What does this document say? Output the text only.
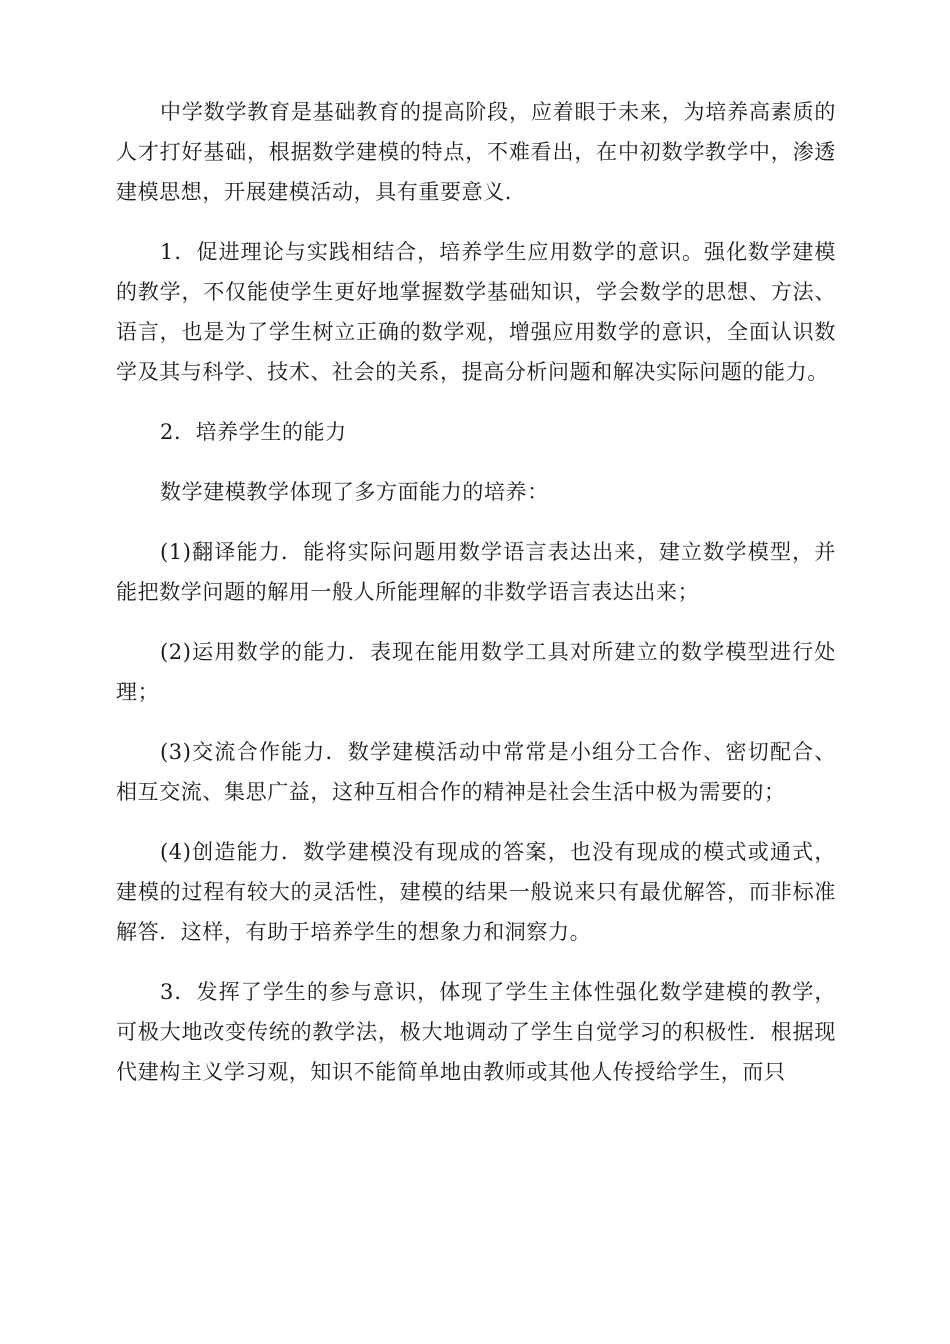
中学数学教育是基础教育的提高阶段，应着眼于未来，为培养高素质的人才打好基础，根据数学建模的特点，不难看出，在中初数学教学中，渗透建模思想，开展建模活动，具有重要意义.

1．促进理论与实践相结合，培养学生应用数学的意识。强化数学建模的教学，不仅能使学生更好地掌握数学基础知识，学会数学的思想、方法、语言，也是为了学生树立正确的数学观，增强应用数学的意识，全面认识数学及其与科学、技术、社会的关系，提高分析问题和解决实际问题的能力。

2．培养学生的能力

数学建模教学体现了多方面能力的培养：

(1)翻译能力．能将实际问题用数学语言表达出来，建立数学模型，并能把数学问题的解用一般人所能理解的非数学语言表达出来；

(2)运用数学的能力．表现在能用数学工具对所建立的数学模型进行处理；

(3)交流合作能力．数学建模活动中常常是小组分工合作、密切配合、相互交流、集思广益，这种互相合作的精神是社会生活中极为需要的；

(4)创造能力．数学建模没有现成的答案，也没有现成的模式或通式，建模的过程有较大的灵活性，建模的结果一般说来只有最优解答，而非标准解答．这样，有助于培养学生的想象力和洞察力。

3．发挥了学生的参与意识，体现了学生主体性强化数学建模的教学，可极大地改变传统的教学法，极大地调动了学生自觉学习的积极性．根据现代建构主义学习观，知识不能简单地由教师或其他人传授给学生，而只
